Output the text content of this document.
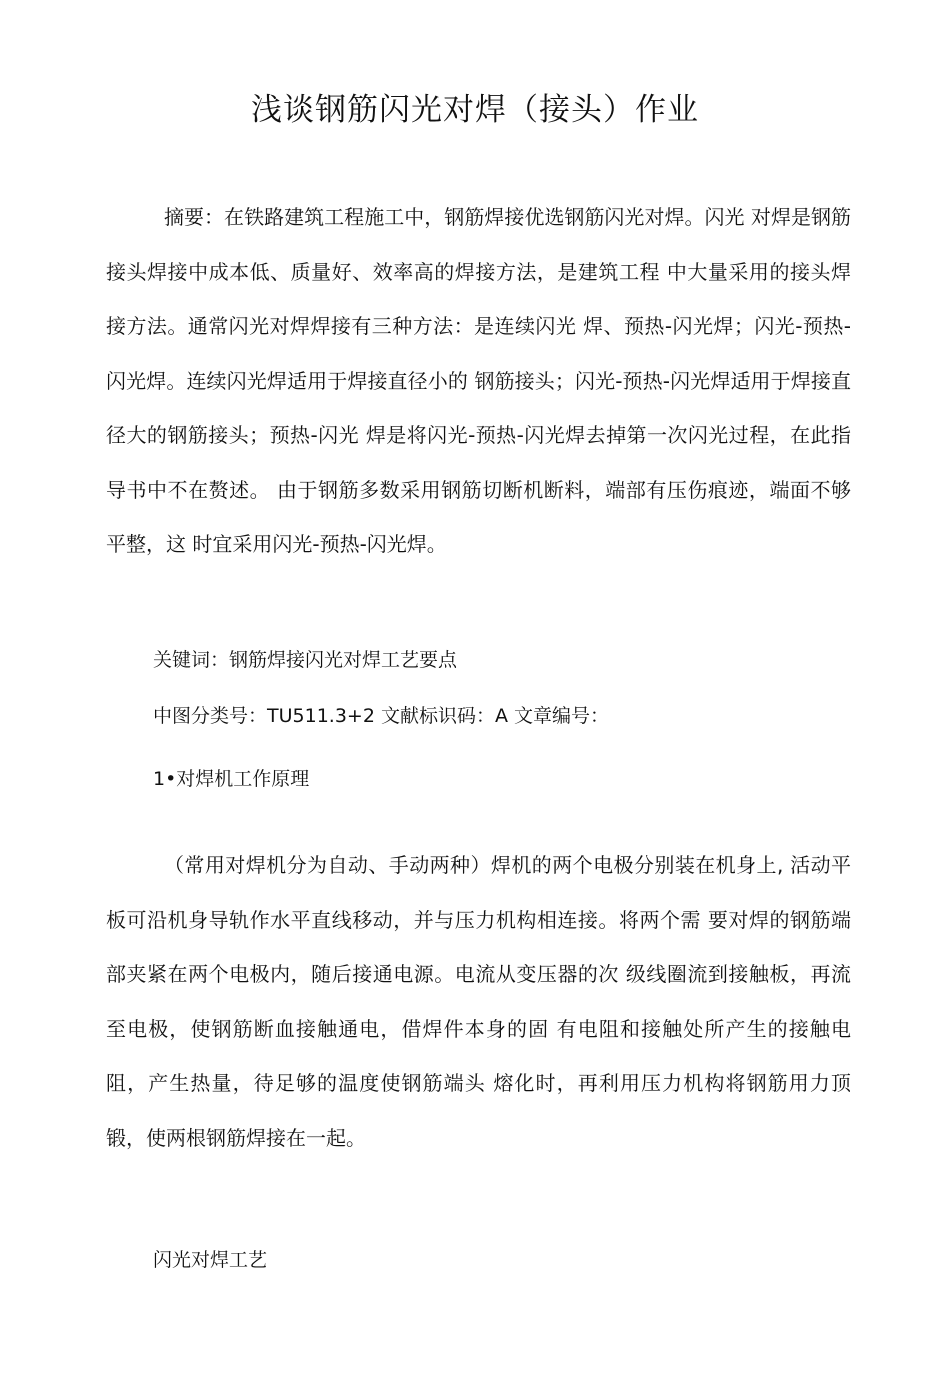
浅谈钢筋闪光对焊（接头）作业

摘要：在铁路建筑工程施工中，钢筋焊接优选钢筋闪光对焊。闪光 对焊是钢筋接头焊接中成本低、质量好、效率高的焊接方法，是建筑工程 中大量采用的接头焊接方法。通常闪光对焊焊接有三种方法：是连续闪光 焊、预热-闪光焊；闪光-预热-闪光焊。连续闪光焊适用于焊接直径小的 钢筋接头；闪光-预热-闪光焊适用于焊接直径大的钢筋接头；预热-闪光 焊是将闪光-预热-闪光焊去掉第一次闪光过程，在此指导书中不在赘述。 由于钢筋多数采用钢筋切断机断料，端部有压伤痕迹，端面不够平整，这 时宜采用闪光-预热-闪光焊。

关键词：钢筋焊接闪光对焊工艺要点

中图分类号：TU511.3+2 文献标识码：A 文章编号：

1•对焊机工作原理

（常用对焊机分为自动、手动两种）焊机的两个电极分别装在机身上, 活动平板可沿机身导轨作水平直线移动，并与压力机构相连接。将两个需 要对焊的钢筋端部夹紧在两个电极内，随后接通电源。电流从变压器的次 级线圈流到接触板，再流至电极，使钢筋断血接触通电，借焊件本身的固 有电阻和接触处所产生的接触电阻，产生热量，待足够的温度使钢筋端头 熔化时，再利用压力机构将钢筋用力顶锻，使两根钢筋焊接在一起。

闪光对焊工艺
